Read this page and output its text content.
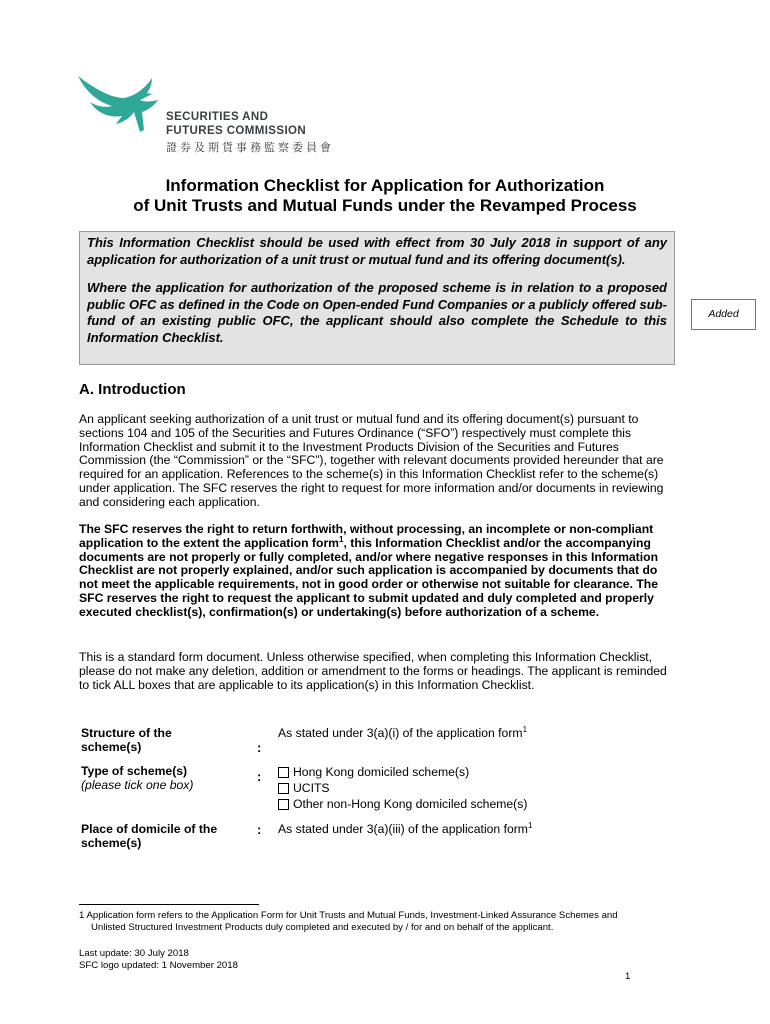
SECURITIES AND
FUTURES COMMISSION
證券及期貨事務監察委員會
Information Checklist for Application for Authorization
of Unit Trusts and Mutual Funds under the Revamped Process

This Information Checklist should be used with effect from 30 July 2018 in support of any application for authorization of a unit trust or mutual fund and its offering document(s).

Where the application for authorization of the proposed scheme is in relation to a proposed public OFC as defined in the Code on Open-ended Fund Companies or a publicly offered sub-fund of an existing public OFC, the applicant should also complete the Schedule to this Information Checklist.

Added
A. Introduction
An applicant seeking authorization of a unit trust or mutual fund and its offering document(s) pursuant to sections 104 and 105 of the Securities and Futures Ordinance (“SFO”) respectively must complete this Information Checklist and submit it to the Investment Products Division of the Securities and Futures Commission (the “Commission” or the “SFC”), together with relevant documents provided hereunder that are required for an application. References to the scheme(s) in this Information Checklist refer to the scheme(s) under application. The SFC reserves the right to request for more information and/or documents in reviewing and considering each application.
The SFC reserves the right to return forthwith, without processing, an incomplete or non-compliant application to the extent the application form$^1$, this Information Checklist and/or the accompanying documents are not properly or fully completed, and/or where negative responses in this Information Checklist are not properly explained, and/or such application is accompanied by documents that do not meet the applicable requirements, not in good order or otherwise not suitable for clearance. The SFC reserves the right to request the applicant to submit updated and duly completed and properly executed checklist(s), confirmation(s) or undertaking(s) before authorization of a scheme.
This is a standard form document. Unless otherwise specified, when completing this Information Checklist, please do not make any deletion, addition or amendment to the forms or headings. The applicant is reminded to tick ALL boxes that are applicable to its application(s) in this Information Checklist.
Structure of the
scheme(s)	:
As stated under 3(a)(i) of the application form$^1$
Type of scheme(s)
(please tick one box)
:	Hong Kong domiciled scheme(s)
UCITS
Other non-Hong Kong domiciled scheme(s)
Place of domicile of the
scheme(s)
: As stated under 3(a)(iii) of the application form$^1$
1 Application form refers to the Application Form for Unit Trusts and Mutual Funds, Investment-Linked Assurance Schemes and
Unlisted Structured Investment Products duly completed and executed by / for and on behalf of the applicant.
Last update: 30 July 2018
SFC logo updated: 1 November 2018
1
